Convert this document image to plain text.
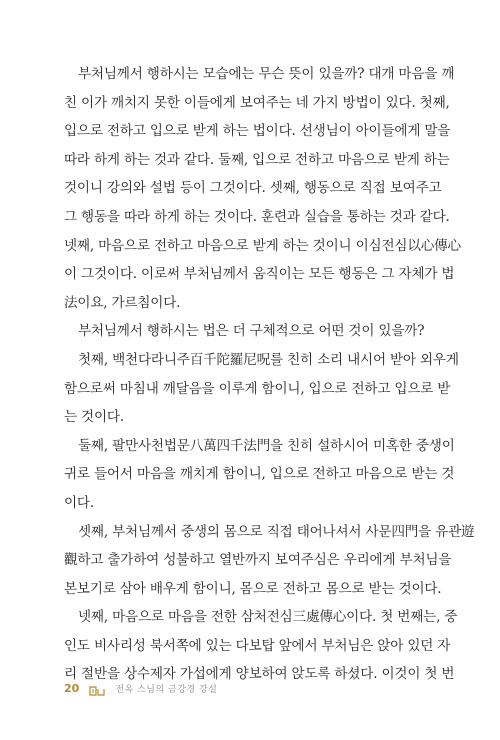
부처님께서 행하시는 모습에는 무슨 뜻이 있을까? 대개 마음을 깨
친 이가 깨치지 못한 이들에게 보여주는 네 가지 방법이 있다. 첫째,
입으로 전하고 입으로 받게 하는 법이다. 선생님이 아이들에게 말을
따라 하게 하는 것과 같다. 둘째, 입으로 전하고 마음으로 받게 하는
것이니 강의와 설법 등이 그것이다. 셋째, 행동으로 직접 보여주고
그 행동을 따라 하게 하는 것이다. 훈련과 실습을 통하는 것과 같다.
넷째, 마음으로 전하고 마음으로 받게 하는 것이니 이심전심以心傳心
이 그것이다. 이로써 부처님께서 움직이는 모든 행동은 그 자체가 법
法이요, 가르침이다.
부처님께서 행하시는 법은 더 구체적으로 어떤 것이 있을까?
첫째, 백천다라니주百千陀羅尼呪를 친히 소리 내시어 받아 외우게
함으로써 마침내 깨달음을 이루게 함이니, 입으로 전하고 입으로 받
는 것이다.
둘째, 팔만사천법문八萬四千法門을 친히 설하시어 미혹한 중생이
귀로 들어서 마음을 깨치게 함이니, 입으로 전하고 마음으로 받는 것
이다.
셋째, 부처님께서 중생의 몸으로 직접 태어나셔서 사문四門을 유관遊
觀하고 출가하여 성불하고 열반까지 보여주심은 우리에게 부처님을
본보기로 삼아 배우게 함이니, 몸으로 전하고 몸으로 받는 것이다.
넷째, 마음으로 마음을 전한 삼처전심三處傳心이다. 첫 번째는, 중
인도 비사리성 북서쪽에 있는 다보탑 앞에서 부처님은 앉아 있던 자
리 절반을 상수제자 가섭에게 양보하여 앉도록 하셨다. 이것이 첫 번
20	전옥 스님의 금강경 강설
